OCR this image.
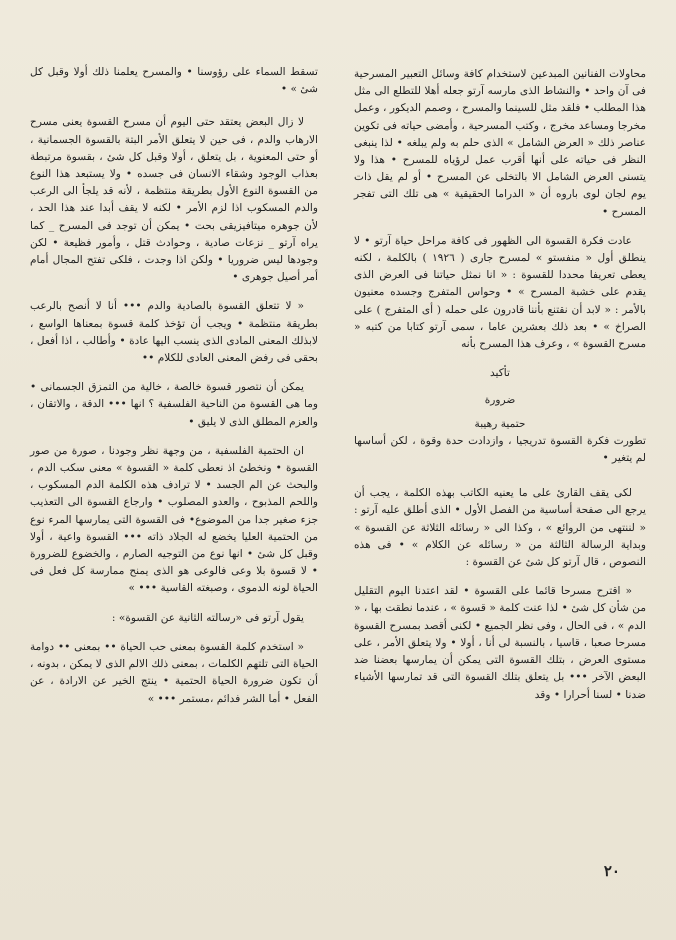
محاولات الفنانين المبدعين لاستخدام كافة وسائل التعبير المسرحية فى آن واحد • والنشاط الذى مارسه آرتو جعله أهلا للتطلع الى مثل هذا المطلب • فلقد مثل للسينما والمسرح ، وصمم الديكور ، وعمل مخرجا ومساعد مخرج ، وكتب المسرحية ، وأمضى حياته فى تكوين عناصر ذلك « العرض الشامل » الذى حلم به ولم يبلغه • لذا ينبغى النظر فى حياته على أنها أقرب عمل لرؤياه للمسرح • هذا ولا يتسنى العرض الشامل الا بالتخلى عن المسرح • أو لم يقل ذات يوم لجان لوى باروه أن « الدراما الحقيقية » هى تلك التى تفجر المسرح •

عادت فكرة القسوة الى الظهور فى كافة مراحل حياة آرتو • لا ينطلق أول « منفستو » لمسرح جارى ( ١٩٢٦ ) بالكلمة ، لكنه يعطى تعريفا محددا للقسوة : « انا نمثل حياتنا فى العرض الذى يقدم على خشبة المسرح » • وحواس المتفرج وجسده معنيون بالأمر : « لابد أن نقتنع بأننا قادرون على حمله ( أى المتفرج ) على الصراخ » • بعد ذلك بعشرين عاما ، سمى آرتو كتابا من كتبه « مسرح القسوة » ، وعرف هذا المسرح بأنه

تأكيد

ضرورة

حتمية رهيبة

تطورت فكرة القسوة تدريجيا ، وازدادت حدة وقوة ، لكن أساسها لم يتغير •

لكى يقف القارئ على ما يعنيه الكاتب بهذه الكلمة ، يجب أن يرجع الى صفحة أساسية من الفصل الأول • الذى أطلق عليه آرتو : « لننتهى من الروائع » ، وكذا الى « رسائله الثلاثة عن القسوة » وبداية الرسالة الثالثة من « رسائله عن الكلام » • فى هذه النصوص ، قال آرتو كل شئ عن القسوة :

« اقترح مسرحا قائما على القسوة • لقد اعتدنا اليوم التقليل من شأن كل شئ • لذا عنت كلمة « قسوة » ، عندما نطقت بها ، « الدم » ، فى الحال ، وفى نظر الجميع • لكنى أقصد بمسرح القسوة مسرحا صعبا ، قاسيا ، بالنسبة لى أنا ، أولا • ولا يتعلق الأمر ، على مستوى العرض ، بتلك القسوة التى يمكن أن يمارسها بعضنا ضد البعض الآخر ••• بل يتعلق بتلك القسوة التى قد تمارسها الأشياء ضدنا • لسنا أحرارا • وقد

تسقط السماء على رؤوسنا • والمسرح يعلمنا ذلك أولا وقبل كل شئ » •

لا زال البعض يعتقد حتى اليوم أن مسرح القسوة يعنى مسرح الارهاب والدم ، فى حين لا يتعلق الأمر البتة بالقسوة الجسمانية ، أو حتى المعنوية ، بل يتعلق ، أولا وقبل كل شئ ، بقسوة مرتبطة بعذاب الوجود وشقاء الانسان فى جسده • ولا يستبعد هذا النوع من القسوة النوع الأول بطريقة منتظمة ، لأنه قد يلجأ الى الرعب والدم المسكوب اذا لزم الأمر • لكنه لا يقف أبدا عند هذا الحد ، لأن جوهره ميتافيزيقى بحت • يمكن أن توجد فى المسرح _ كما يراه آرتو _ نزعات صادية ، وحوادث قتل ، وأمور فظيعة • لكن وجودها ليس ضروريا • ولكن اذا وجدت ، فلكى تفتح المجال أمام أمر أصيل جوهرى •

« لا تتعلق القسوة بالصادية والدم ••• أنا لا أنصح بالرعب بطريقة منتظمة • ويجب أن تؤخذ كلمة قسوة بمعناها الواسع ، لابذلك المعنى المادى الذى ينسب اليها عادة • وأطالب ، اذا أفعل ، بحقى فى رفض المعنى العادى للكلام ••

يمكن أن نتصور قسوة خالصة ، خالية من التمزق الجسمانى • وما هى القسوة من الناحية الفلسفية ؟ انها ••• الدقة ، والاتقان ، والعزم المطلق الذى لا يليق •

ان الحتمية الفلسفية ، من وجهة نظر وجودنا ، صورة من صور القسوة • ونخطئ اذ نعطى كلمة « القسوة » معنى سكب الدم ، والبحث عن الم الجسد • لا ترادف هذه الكلمة الدم المسكوب ، واللحم المذبوح ، والعدو المصلوب • وارجاع القسوة الى التعذيب جزء صغير جدا من الموضوع• فى القسوة التى يمارسها المرء نوع من الحتمية العليا يخضع له الجلاد ذاته ••• القسوة واعية ، أولا وقبل كل شئ • انها نوع من التوجيه الصارم ، والخضوع للضرورة • لا قسوة بلا وعى فالوعى هو الذى يمنح ممارسة كل فعل فى الحياة لونه الدموى ، وصبغته القاسية ••• »

يقول آرتو فى «رسالته الثانية عن القسوة» :

« استخدم كلمة القسوة بمعنى حب الحياة •• بمعنى •• دوامة الحياة التى تلتهم الكلمات ، بمعنى ذلك الالم الذى لا يمكن ، بدونه ، أن تكون ضرورة الحياة الحتمية • ينتج الخير عن الارادة ، عن الفعل • أما الشر فدائم ،مستمر ••• »

٢٠
